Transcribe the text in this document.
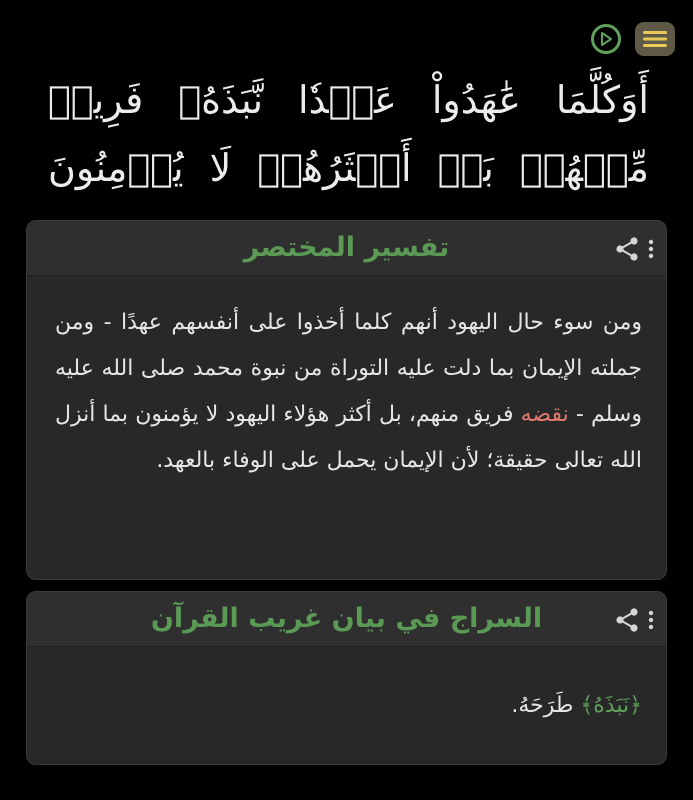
أَوَكُلَّمَا عَٰهَدُواْ عَهۡدٗا نَّبَذَهُۥ فَرِيقٞ مِّنۡهُمۚ بَلۡ أَكۡثَرُهُمۡ لَا يُؤۡمِنُونَ
تفسير المختصر
ومن سوء حال اليهود أنهم كلما أخذوا على أنفسهم عهدًا - ومن جملته الإيمان بما دلت عليه التوراة من نبوة محمد صلى الله عليه وسلم - نقضه فريق منهم، بل أكثر هؤلاء اليهود لا يؤمنون بما أنزل الله تعالى حقيقة؛ لأن الإيمان يحمل على الوفاء بالعهد.
السراج في بيان غريب القرآن
﴿نَبَذَهُ﴾ طَرَحَهُ.
